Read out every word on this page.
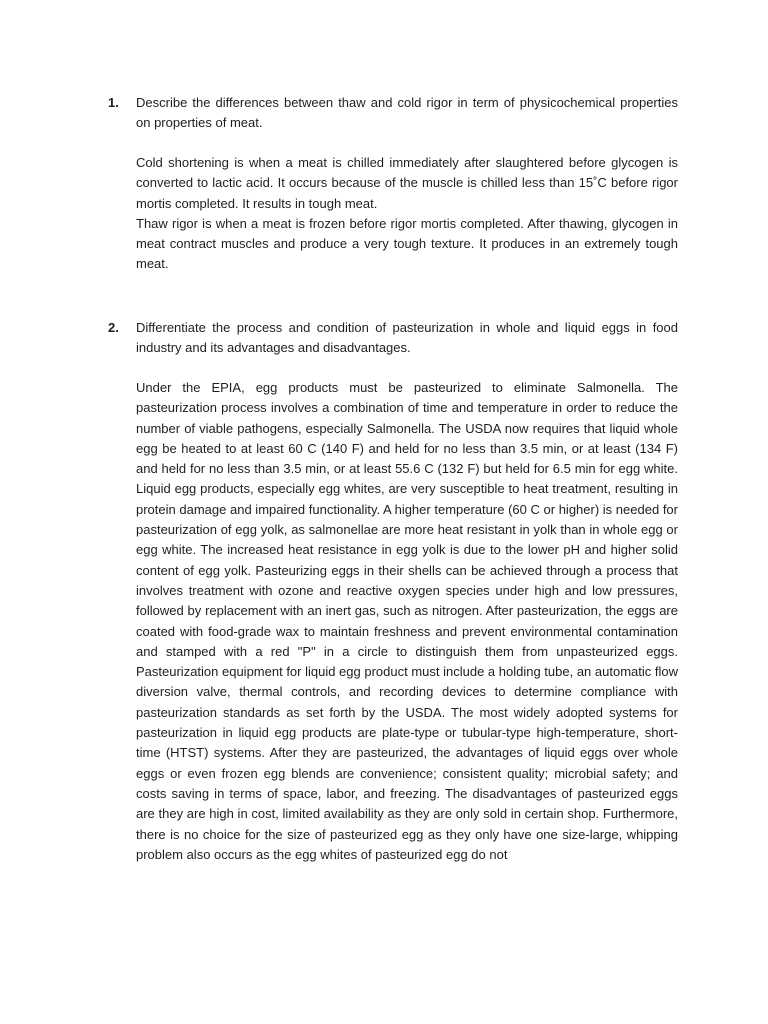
1.	Describe the differences between thaw and cold rigor in term of physicochemical properties on properties of meat.

Cold shortening is when a meat is chilled immediately after slaughtered before glycogen is converted to lactic acid. It occurs because of the muscle is chilled less than 15˚C before rigor mortis completed. It results in tough meat.

Thaw rigor is when a meat is frozen before rigor mortis completed. After thawing, glycogen in meat contract muscles and produce a very tough texture. It produces in an extremely tough meat.

2.	Differentiate the process and condition of pasteurization in whole and liquid eggs in food industry and its advantages and disadvantages.

Under the EPIA, egg products must be pasteurized to eliminate Salmonella. The pasteurization process involves a combination of time and temperature in order to reduce the number of viable pathogens, especially Salmonella. The USDA now requires that liquid whole egg be heated to at least 60 C (140 F) and held for no less than 3.5 min, or at least (134 F) and held for no less than 3.5 min, or at least 55.6 C (132 F) but held for 6.5 min for egg white. Liquid egg products, especially egg whites, are very susceptible to heat treatment, resulting in protein damage and impaired functionality. A higher temperature (60 C or higher) is needed for pasteurization of egg yolk, as salmonellae are more heat resistant in yolk than in whole egg or egg white. The increased heat resistance in egg yolk is due to the lower pH and higher solid content of egg yolk. Pasteurizing eggs in their shells can be achieved through a process that involves treatment with ozone and reactive oxygen species under high and low pressures, followed by replacement with an inert gas, such as nitrogen. After pasteurization, the eggs are coated with food-grade wax to maintain freshness and prevent environmental contamination and stamped with a red "P" in a circle to distinguish them from unpasteurized eggs. Pasteurization equipment for liquid egg product must include a holding tube, an automatic flow diversion valve, thermal controls, and recording devices to determine compliance with pasteurization standards as set forth by the USDA. The most widely adopted systems for pasteurization in liquid egg products are plate-type or tubular-type high-temperature, short-time (HTST) systems. After they are pasteurized, the advantages of liquid eggs over whole eggs or even frozen egg blends are convenience; consistent quality; microbial safety; and costs saving in terms of space, labor, and freezing. The disadvantages of pasteurized eggs are they are high in cost, limited availability as they are only sold in certain shop. Furthermore, there is no choice for the size of pasteurized egg as they only have one size-large, whipping problem also occurs as the egg whites of pasteurized egg do not
